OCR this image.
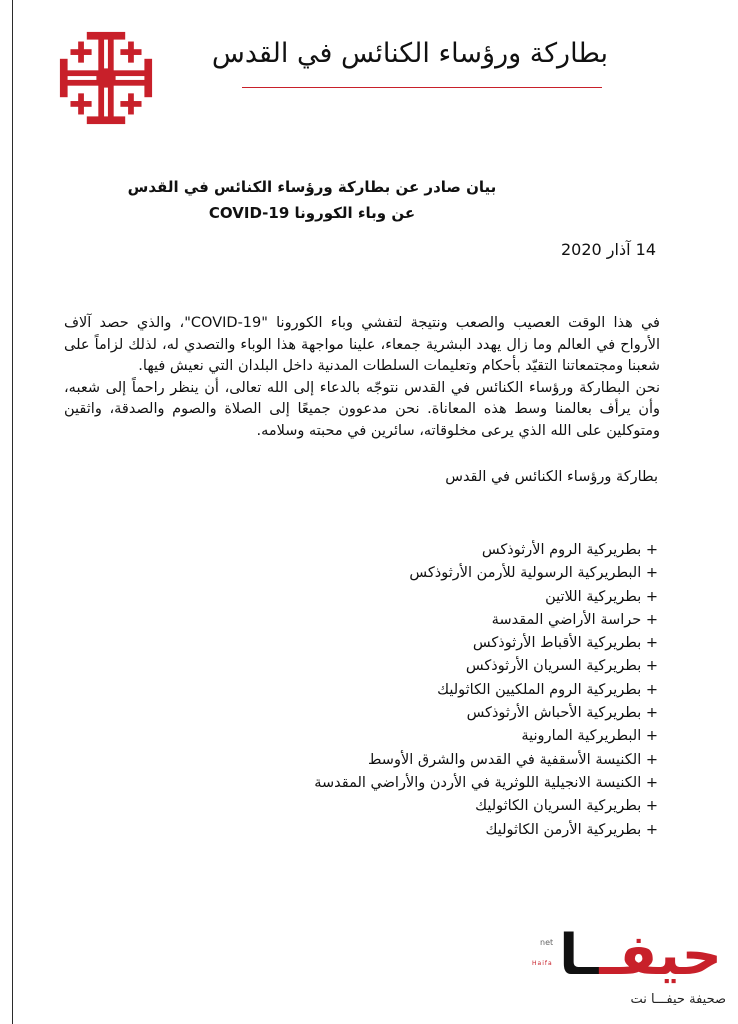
بطاركة ورؤساء الكنائس في القدس
بيان صادر عن بطاركة ورؤساء الكنائس في القدس
عن وباء الكورونا COVID-19
14 آذار 2020

في هذا الوقت العصيب والصعب ونتيجة لتفشي وباء الكورونا "COVID-19"، والذي حصد آلاف الأرواح في العالم وما زال يهدد البشرية جمعاء، علينا مواجهة هذا الوباء والتصدي له، لذلك لزاماً على شعبنا ومجتمعاتنا التقيّد بأحكام وتعليمات السلطات المدنية داخل البلدان التي نعيش فيها.

نحن البطاركة ورؤساء الكنائس في القدس نتوجّه بالدعاء إلى الله تعالى، أن ينظر راحماً إلى شعبه، وأن يرأف بعالمنا وسط هذه المعاناة. نحن مدعوون جميعًا إلى الصلاة والصوم والصدقة، واثقين ومتوكلين على الله الذي يرعى مخلوقاته، سائرين في محبته وسلامه.

بطاركة ورؤساء الكنائس في القدس
+ بطريركية الروم الأرثوذكس
+ البطريركية الرسولية للأرمن الأرثوذكس
+ بطريركية اللاتين
+ حراسة الأراضي المقدسة
+ بطريركية الأقباط الأرثوذكس
+ بطريركية السريان الأرثوذكس
+ بطريركية الروم الملكيين الكاثوليك
+ بطريركية الأحباش الأرثوذكس
+ البطريركية المارونية
+ الكنيسة الأسقفية في القدس والشرق الأوسط
+ الكنيسة الانجيلية اللوثرية في الأردن والأراضي المقدسة
+ بطريركية السريان الكاثوليك
+ بطريركية الأرمن الكاثوليك
حيفــا
net
Haifa
صحيفة حيفـــا نت
